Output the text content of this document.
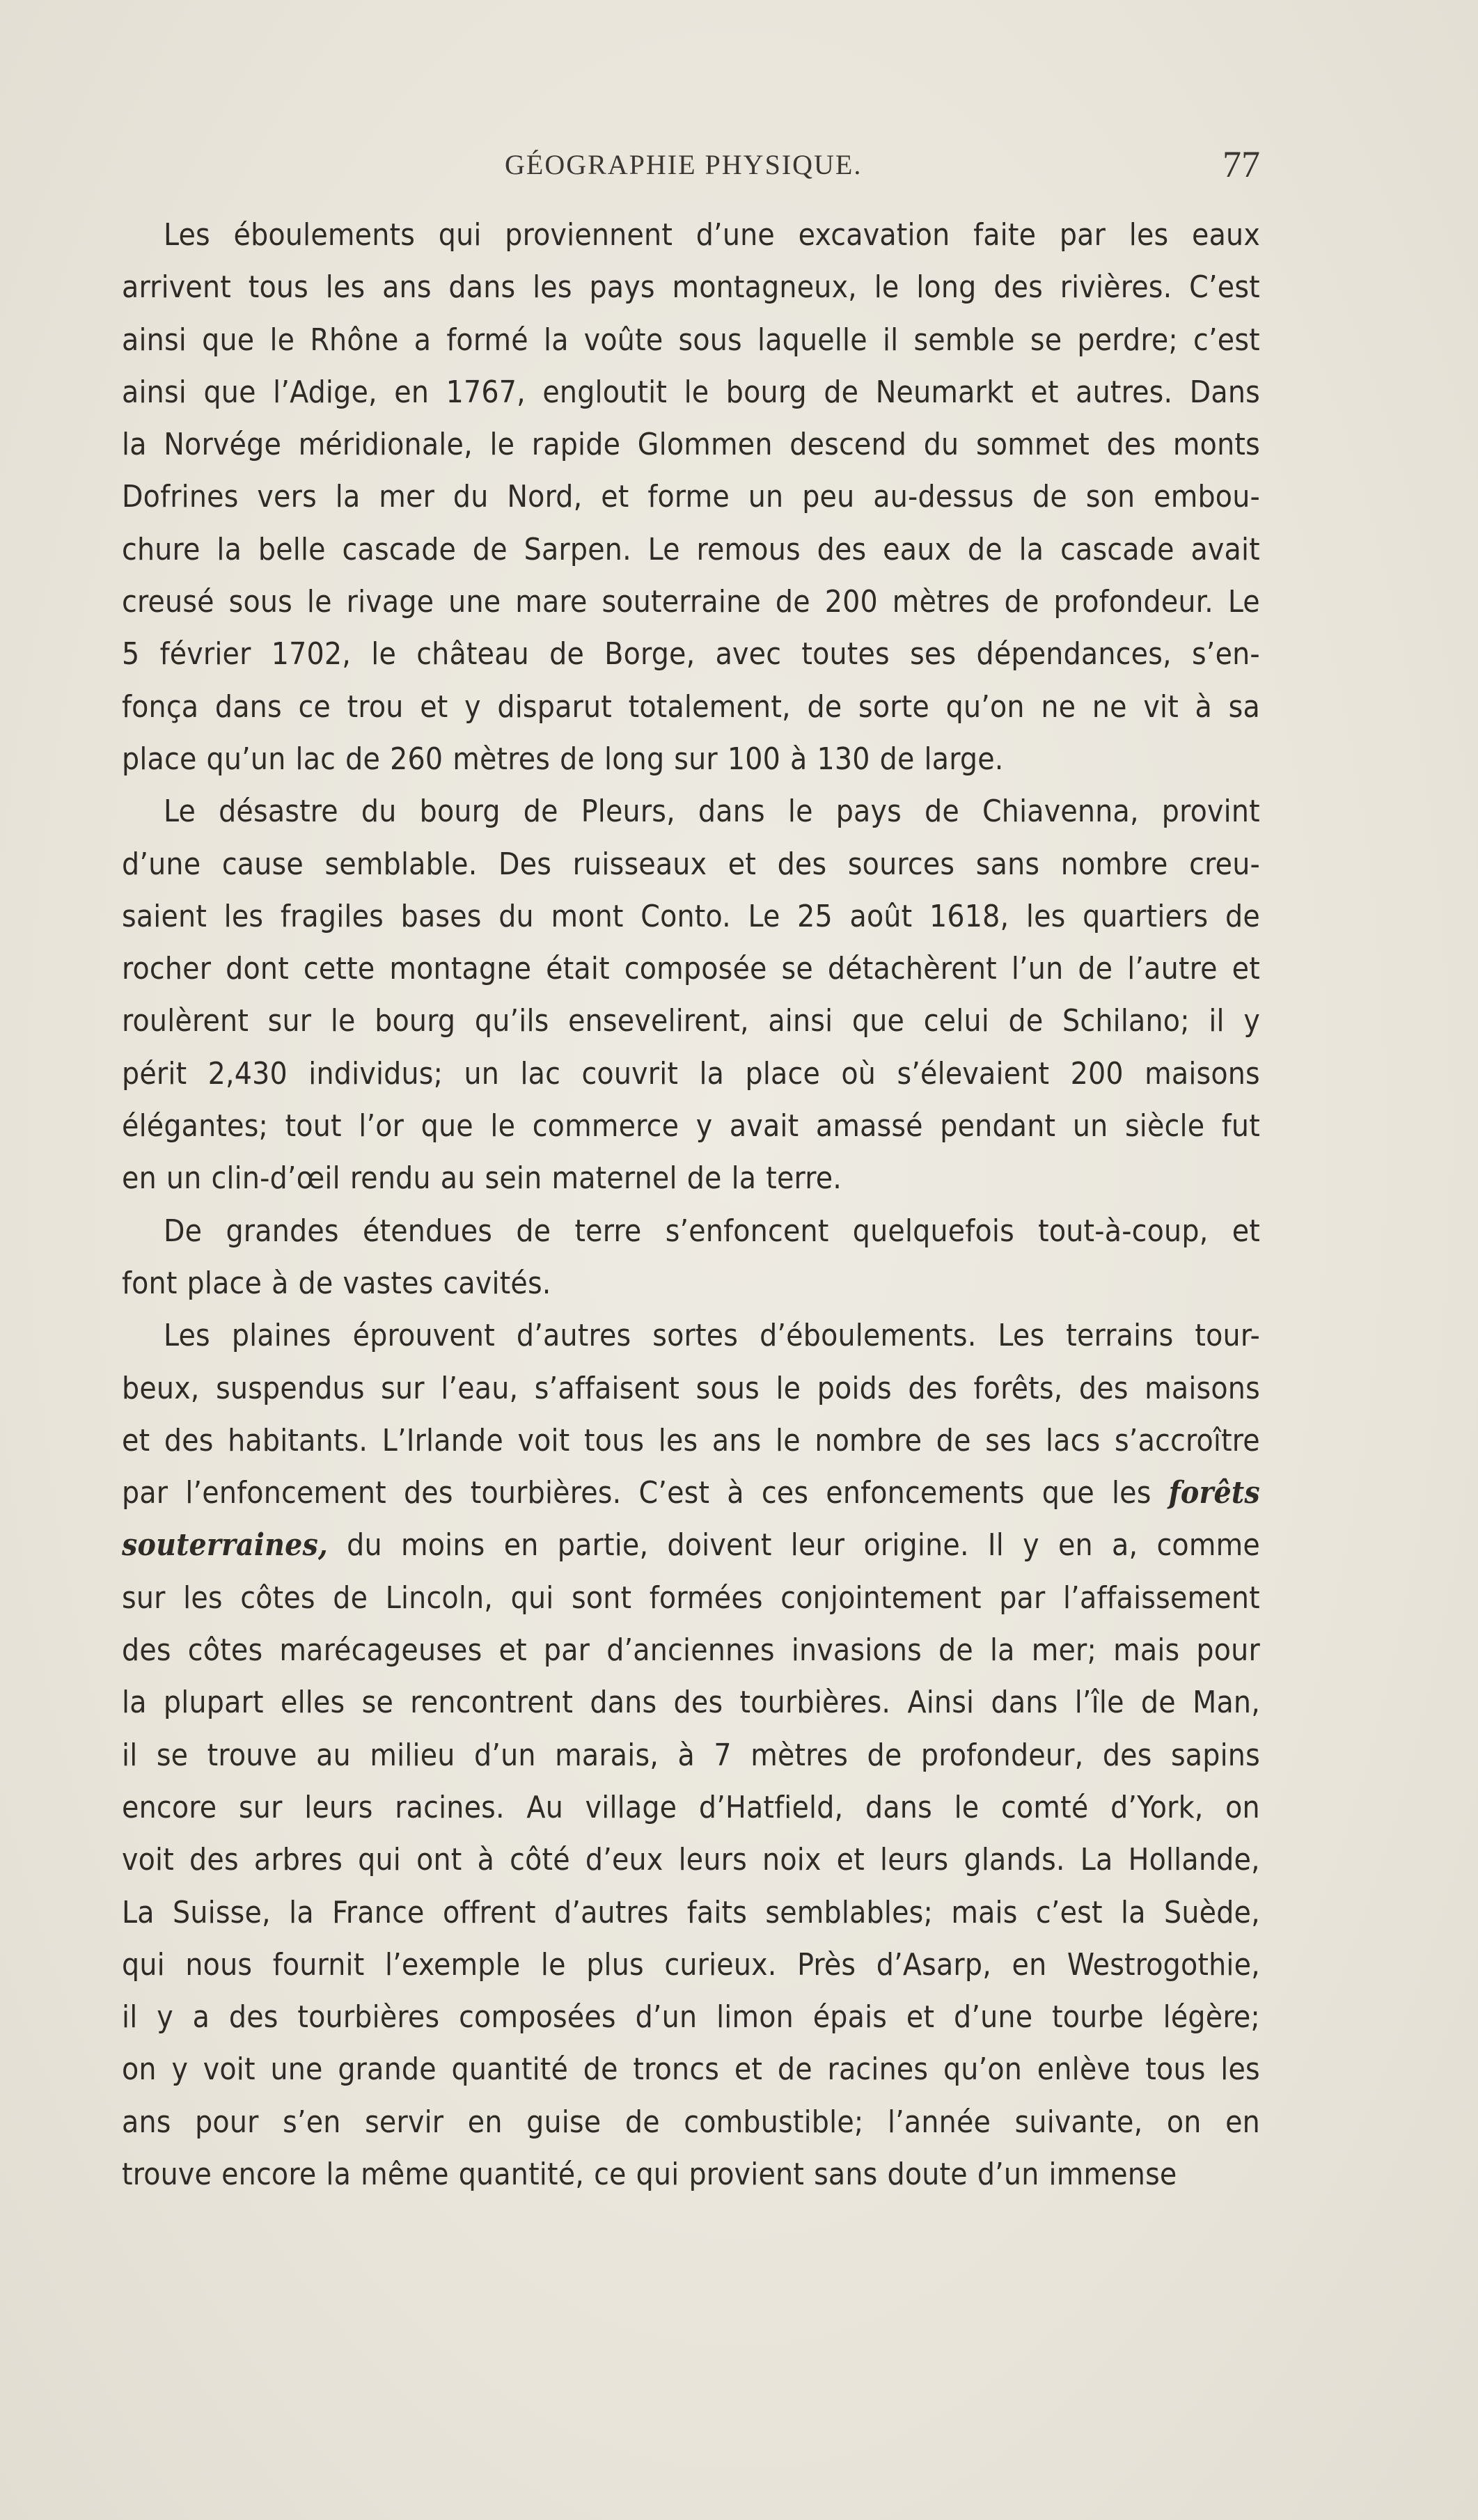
GÉOGRAPHIE PHYSIQUE.	77
Les éboulements qui proviennent d’une excavation faite par les eaux
arrivent tous les ans dans les pays montagneux, le long des rivières. C’est
ainsi que le Rhône a formé la voûte sous laquelle il semble se perdre; c’est
ainsi que l’Adige, en 1767, engloutit le bourg de Neumarkt et autres. Dans
la Norvége méridionale, le rapide Glommen descend du sommet des monts
Dofrines vers la mer du Nord, et forme un peu au-dessus de son embou-
chure la belle cascade de Sarpen. Le remous des eaux de la cascade avait
creusé sous le rivage une mare souterraine de 200 mètres de profondeur. Le
5 février 1702, le château de Borge, avec toutes ses dépendances, s’en-
fonça dans ce trou et y disparut totalement, de sorte qu’on ne ne vit à sa
place qu’un lac de 260 mètres de long sur 100 à 130 de large.
Le désastre du bourg de Pleurs, dans le pays de Chiavenna, provint
d’une cause semblable. Des ruisseaux et des sources sans nombre creu-
saient les fragiles bases du mont Conto. Le 25 août 1618, les quartiers de
rocher dont cette montagne était composée se détachèrent l’un de l’autre et
roulèrent sur le bourg qu’ils ensevelirent, ainsi que celui de Schilano; il y
périt 2,430 individus; un lac couvrit la place où s’élevaient 200 maisons
élégantes; tout l’or que le commerce y avait amassé pendant un siècle fut
en un clin-d’œil rendu au sein maternel de la terre.
De grandes étendues de terre s’enfoncent quelquefois tout-à-coup, et
font place à de vastes cavités.
Les plaines éprouvent d’autres sortes d’éboulements. Les terrains tour-
beux, suspendus sur l’eau, s’affaisent sous le poids des forêts, des maisons
et des habitants. L’Irlande voit tous les ans le nombre de ses lacs s’accroître
par l’enfoncement des tourbières. C’est à ces enfoncements que les forêts
souterraines, du moins en partie, doivent leur origine. Il y en a, comme
sur les côtes de Lincoln, qui sont formées conjointement par l’affaissement
des côtes marécageuses et par d’anciennes invasions de la mer; mais pour
la plupart elles se rencontrent dans des tourbières. Ainsi dans l’île de Man,
il se trouve au milieu d’un marais, à 7 mètres de profondeur, des sapins
encore sur leurs racines. Au village d’Hatfield, dans le comté d’York, on
voit des arbres qui ont à côté d’eux leurs noix et leurs glands. La Hollande,
La Suisse, la France offrent d’autres faits semblables; mais c’est la Suède,
qui nous fournit l’exemple le plus curieux. Près d’Asarp, en Westrogothie,
il y a des tourbières composées d’un limon épais et d’une tourbe légère;
on y voit une grande quantité de troncs et de racines qu’on enlève tous les
ans pour s’en servir en guise de combustible; l’année suivante, on en
trouve encore la même quantité, ce qui provient sans doute d’un immense
